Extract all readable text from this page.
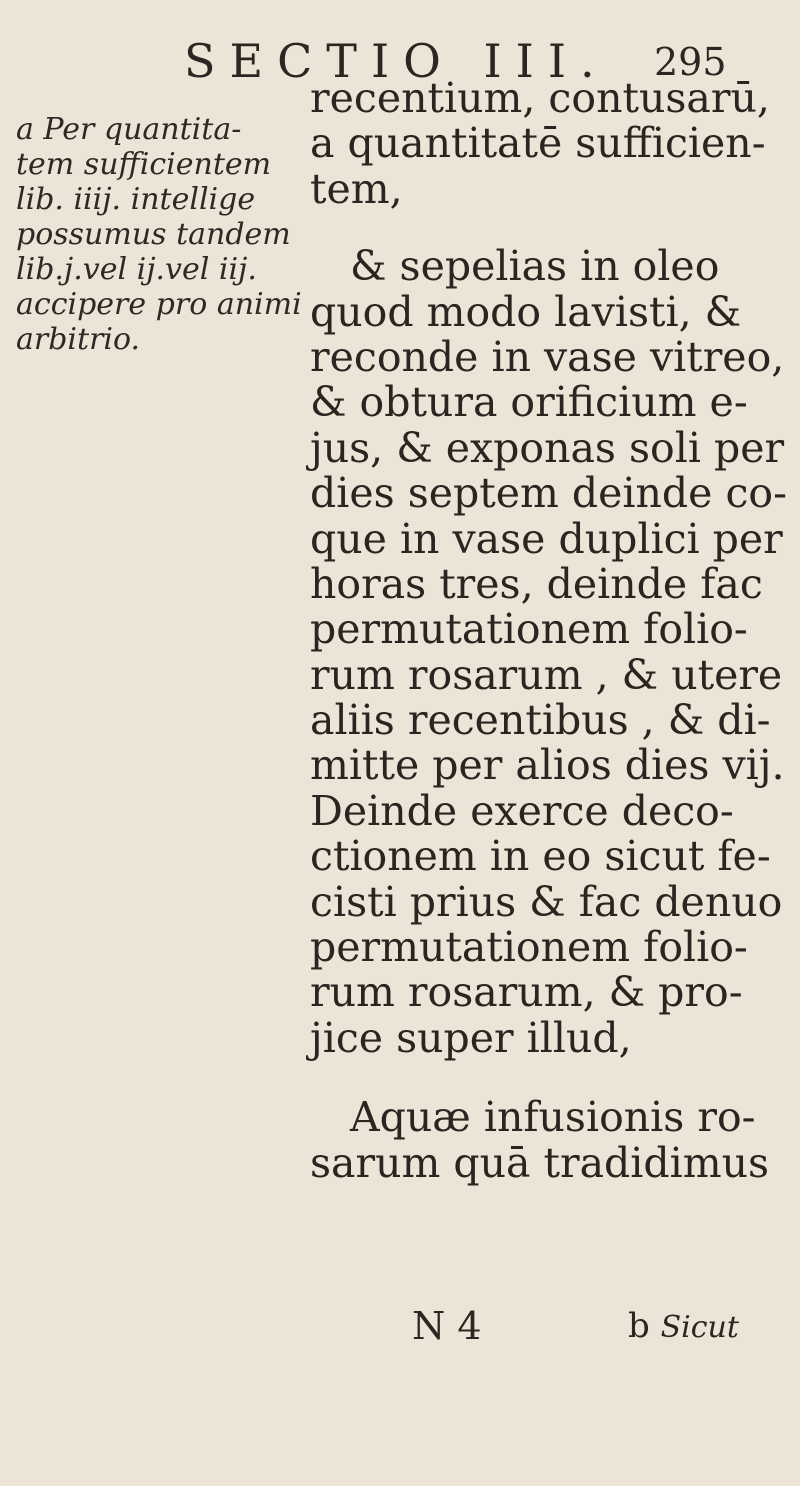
SECTIO III. 295
a Per quantita-
tem sufficientem
lib. iiij. intellige
possumus tandem
lib.j.vel ij.vel iij.
accipere pro animi
arbitrio.
recentium, contusarū,
a quantitatē sufficien-
tem,
& sepelias in oleo
quod modo lavisti, &
reconde in vase vitreo,
& obtura orificium e-
jus, & exponas soli per
dies septem deinde co-
que in vase duplici per
horas tres, deinde fac
permutationem folio-
rum rosarum , & utere
aliis recentibus , & di-
mitte per alios dies vij.
Deinde exerce deco-
ctionem in eo sicut fe-
cisti prius & fac denuo
permutationem folio-
rum rosarum, & pro-
jice super illud,
Aquæ infusionis ro-
sarum quā tradidimus
N 4	b Sicut
